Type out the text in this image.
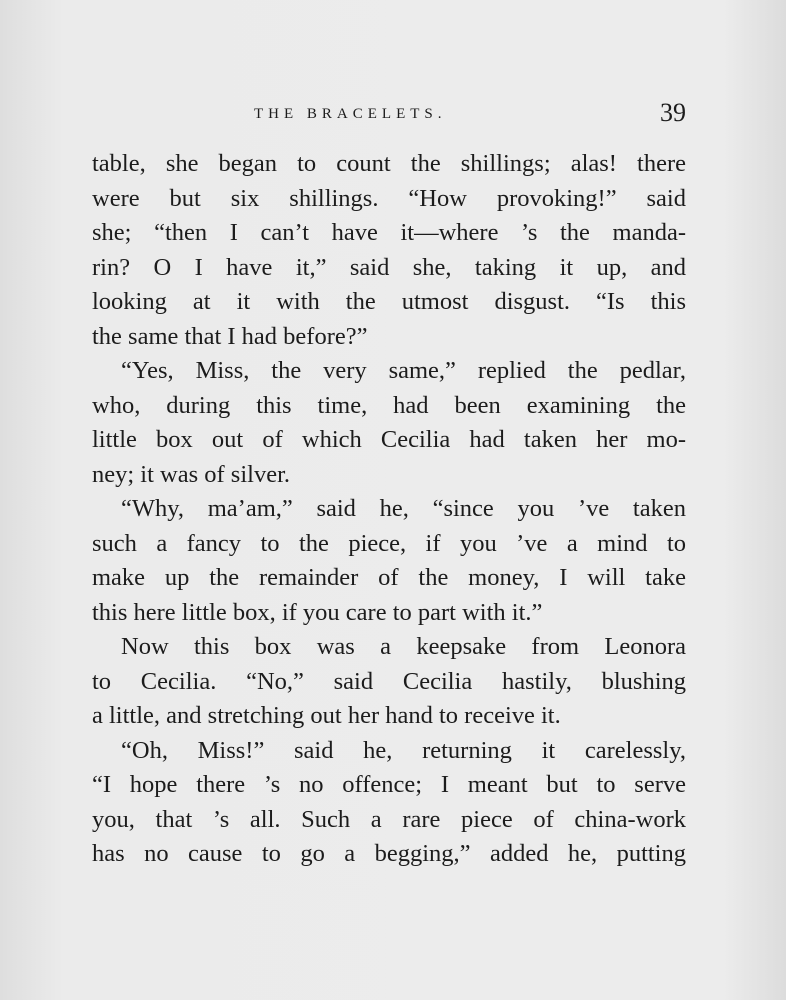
THE BRACELETS.	39
table, she began to count the shillings; alas! there
were but six shillings. “How provoking!” said
she; “then I can’t have it—where ’s the manda-
rin? O I have it,” said she, taking it up, and
looking at it with the utmost disgust. “Is this
the same that I had before?”
“Yes, Miss, the very same,” replied the pedlar,
who, during this time, had been examining the
little box out of which Cecilia had taken her mo-
ney; it was of silver.
“Why, ma’am,” said he, “since you ’ve taken
such a fancy to the piece, if you ’ve a mind to
make up the remainder of the money, I will take
this here little box, if you care to part with it.”
Now this box was a keepsake from Leonora
to Cecilia. “No,” said Cecilia hastily, blushing
a little, and stretching out her hand to receive it.
“Oh, Miss!” said he, returning it carelessly,
“I hope there ’s no offence; I meant but to serve
you, that ’s all. Such a rare piece of china-work
has no cause to go a begging,” added he, putting
